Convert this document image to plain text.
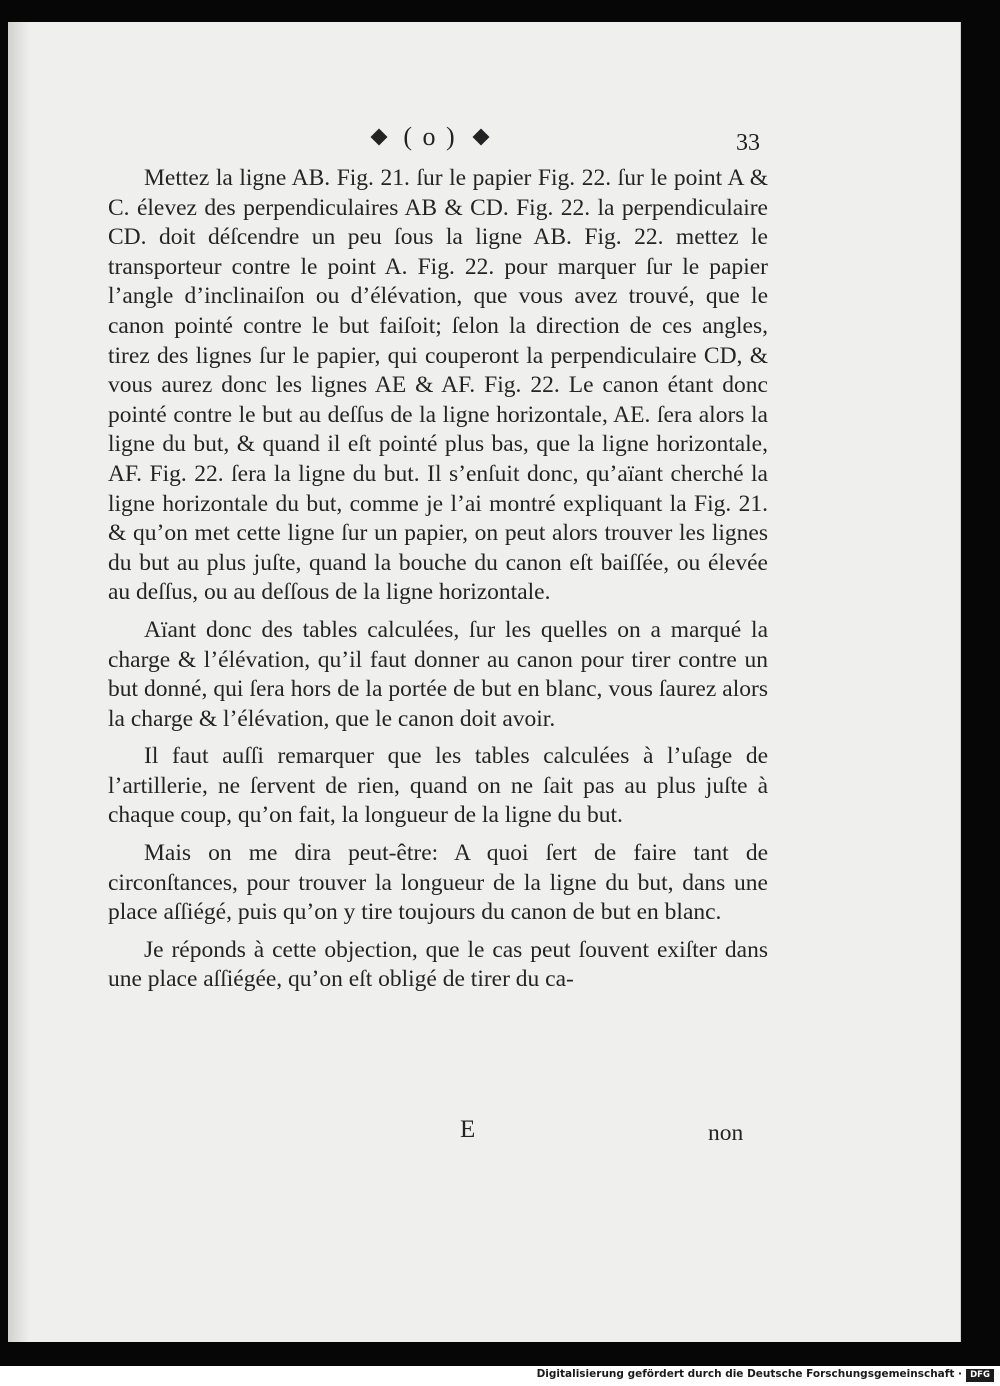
( o )	33

Mettez la ligne AB. Fig. 21. ſur le papier Fig. 22. ſur le point A & C. élevez des perpendiculaires AB & CD. Fig. 22. la perpendiculaire CD. doit déſcendre un peu ſous la ligne AB. Fig. 22. mettez le transporteur contre le point A. Fig. 22. pour marquer ſur le papier l’angle d’inclinaiſon ou d’élévation, que vous avez trouvé, que le canon pointé contre le but faiſoit; ſelon la direction de ces angles, tirez des lignes ſur le papier, qui couperont la perpendiculaire CD, & vous aurez donc les lignes AE & AF. Fig. 22. Le canon étant donc pointé contre le but au deſſus de la ligne horizontale, AE. ſera alors la ligne du but, & quand il eſt pointé plus bas, que la ligne horizontale, AF. Fig. 22. ſera la ligne du but. Il s’enſuit donc, qu’aïant cherché la ligne horizontale du but, comme je l’ai montré expliquant la Fig. 21. & qu’on met cette ligne ſur un papier, on peut alors trouver les lignes du but au plus juſte, quand la bouche du canon eſt baiſſée, ou élevée au deſſus, ou au deſſous de la ligne horizontale.

Aïant donc des tables calculées, ſur les quelles on a marqué la charge & l’élévation, qu’il faut donner au canon pour tirer contre un but donné, qui ſera hors de la portée de but en blanc, vous ſaurez alors la charge & l’élévation, que le canon doit avoir.

Il faut auſſi remarquer que les tables calculées à l’uſage de l’artillerie, ne ſervent de rien, quand on ne ſait pas au plus juſte à chaque coup, qu’on fait, la longueur de la ligne du but.

Mais on me dira peut-être: A quoi ſert de faire tant de circonſtances, pour trouver la longueur de la ligne du but, dans une place aſſiégé, puis qu’on y tire toujours du canon de but en blanc.

Je réponds à cette objection, que le cas peut ſouvent exiſter dans une place aſſiégée, qu’on eſt obligé de tirer du ca-

E	non
Digitalisierung gefördert durch die Deutsche Forschungsgemeinschaft · DFG
